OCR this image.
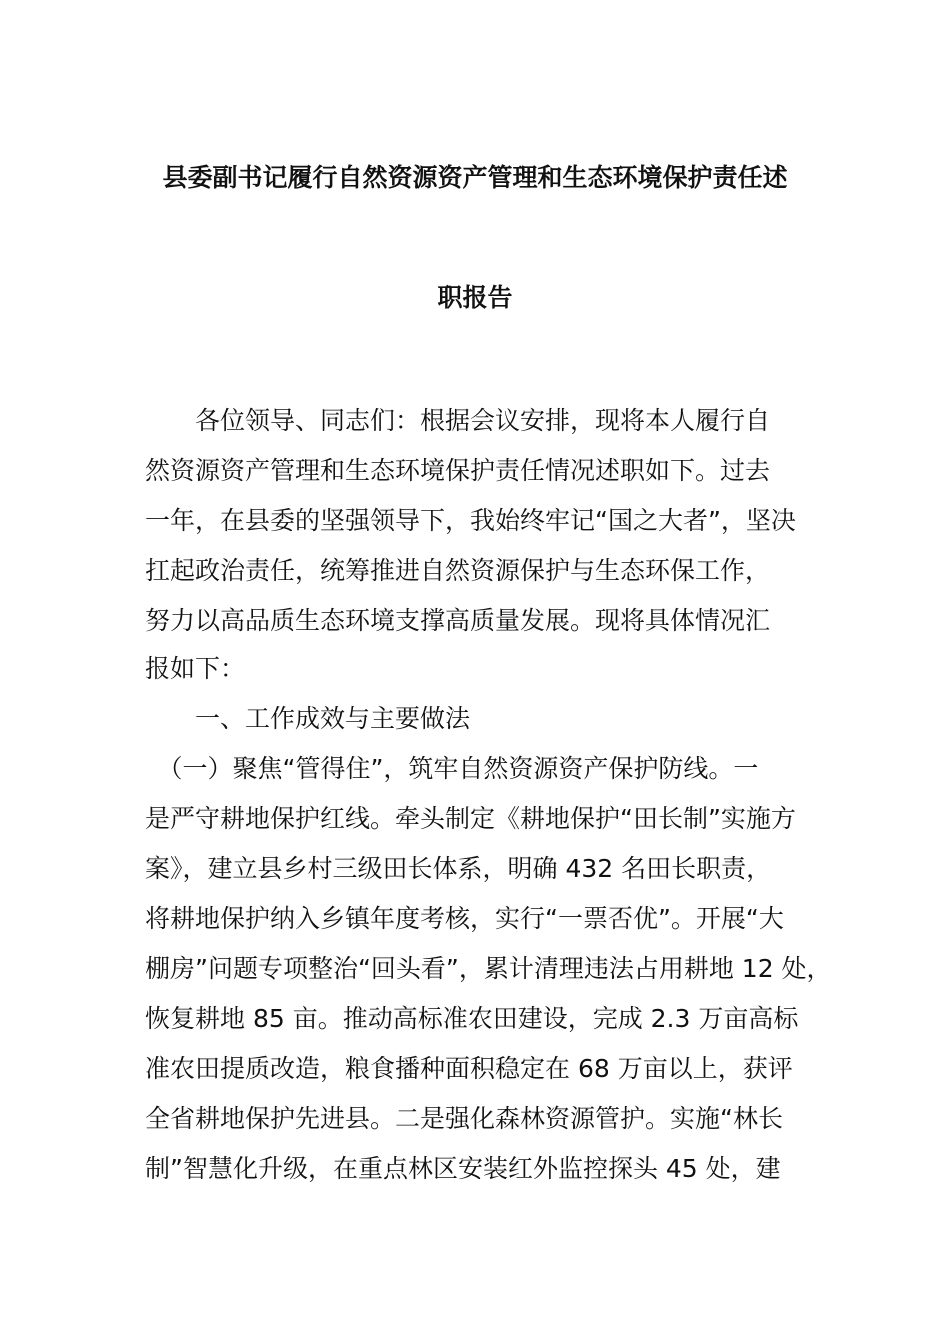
县委副书记履行自然资源资产管理和生态环境保护责任述
职报告
　　各位领导、同志们：根据会议安排，现将本人履行自
然资源资产管理和生态环境保护责任情况述职如下。过去
一年，在县委的坚强领导下，我始终牢记“国之大者”，坚决
扛起政治责任，统筹推进自然资源保护与生态环保工作，
努力以高品质生态环境支撑高质量发展。现将具体情况汇
报如下：
　　一、工作成效与主要做法
　（一）聚焦“管得住”，筑牢自然资源资产保护防线。一
是严守耕地保护红线。牵头制定《耕地保护“田长制”实施方
案》，建立县乡村三级田长体系，明确 432 名田长职责，
将耕地保护纳入乡镇年度考核，实行“一票否优”。开展“大
棚房”问题专项整治“回头看”，累计清理违法占用耕地 12 处，
恢复耕地 85 亩。推动高标准农田建设，完成 2.3 万亩高标
准农田提质改造，粮食播种面积稳定在 68 万亩以上，获评
全省耕地保护先进县。二是强化森林资源管护。实施“林长
制”智慧化升级，在重点林区安装红外监控探头 45 处，建
